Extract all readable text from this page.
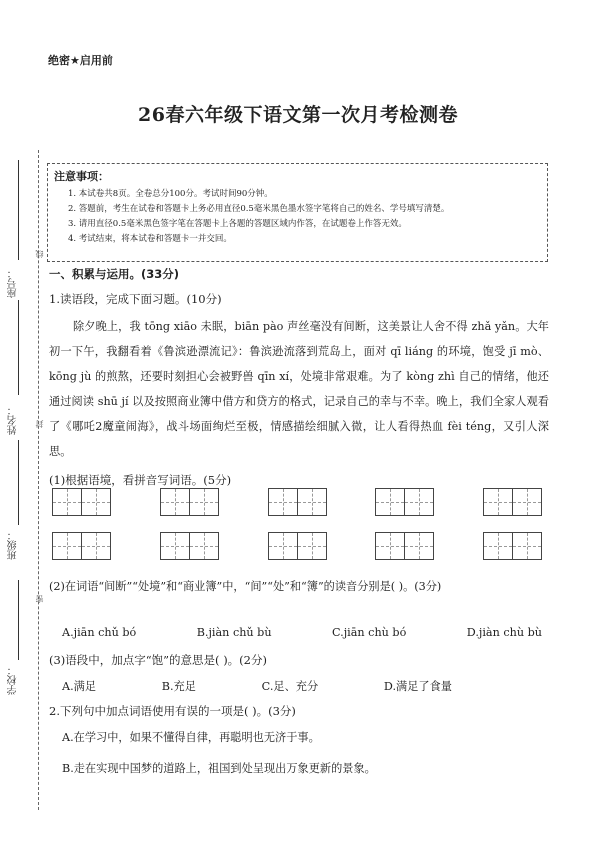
绝密★启用前
26春六年级下语文第一次月考检测卷
座号：
线
姓名： 封
班级：
密
学校：
注意事项：
1. 本试卷共8页。全卷总分100分。考试时间90分钟。
2. 答题前，考生在试卷和答题卡上务必用直径0.5毫米黑色墨水签字笔将自己的姓名、学号填写清楚。
3. 请用直径0.5毫米黑色签字笔在答题卡上各题的答题区域内作答，在试题卷上作答无效。
4. 考试结束，将本试卷和答题卡一并交回。
一、积累与运用。(33分)
1.读语段，完成下面习题。(10分)
除夕晚上，我 tōng xiāo 未眠，biān pào 声丝毫没有间断，这美景让人舍不得 zhǎ yǎn。大年初一下午，我翻看着《鲁滨逊漂流记》：鲁滨逊流落到荒岛上，面对 qī liáng 的环境，饱受 jī mò、kōng jù 的煎熬，还要时刻担心会被野兽 qīn xí，处境非常艰难。为了 kòng zhì 自己的情绪，他还通过阅读 shū jí 以及按照商业簿中借方和贷方的格式，记录自己的幸与不幸。晚上，我们全家人观看了《哪吒2魔童闹海》，战斗场面绚烂至极，情感描绘细腻入微，让人看得热血 fèi téng，又引人深思。
(1)根据语境，看拼音写词语。(5分)
(2)在词语“间断”“处境”和“商业簿”中，“间”“处”和“簿”的读音分别是( )。(3分)
A.jiān chǔ bó	B.jiàn chǔ bù	C.jiān chù bó	D.jiàn chù bù
(3)语段中，加点字“饱”的意思是( )。(2分)
A.满足	B.充足	C.足、充分	D.满足了食量
2.下列句中加点词语使用有误的一项是( )。(3分)
A.在学习中，如果不懂得自律，再聪明也无济于事。
B.走在实现中国梦的道路上，祖国到处呈现出万象更新的景象。
